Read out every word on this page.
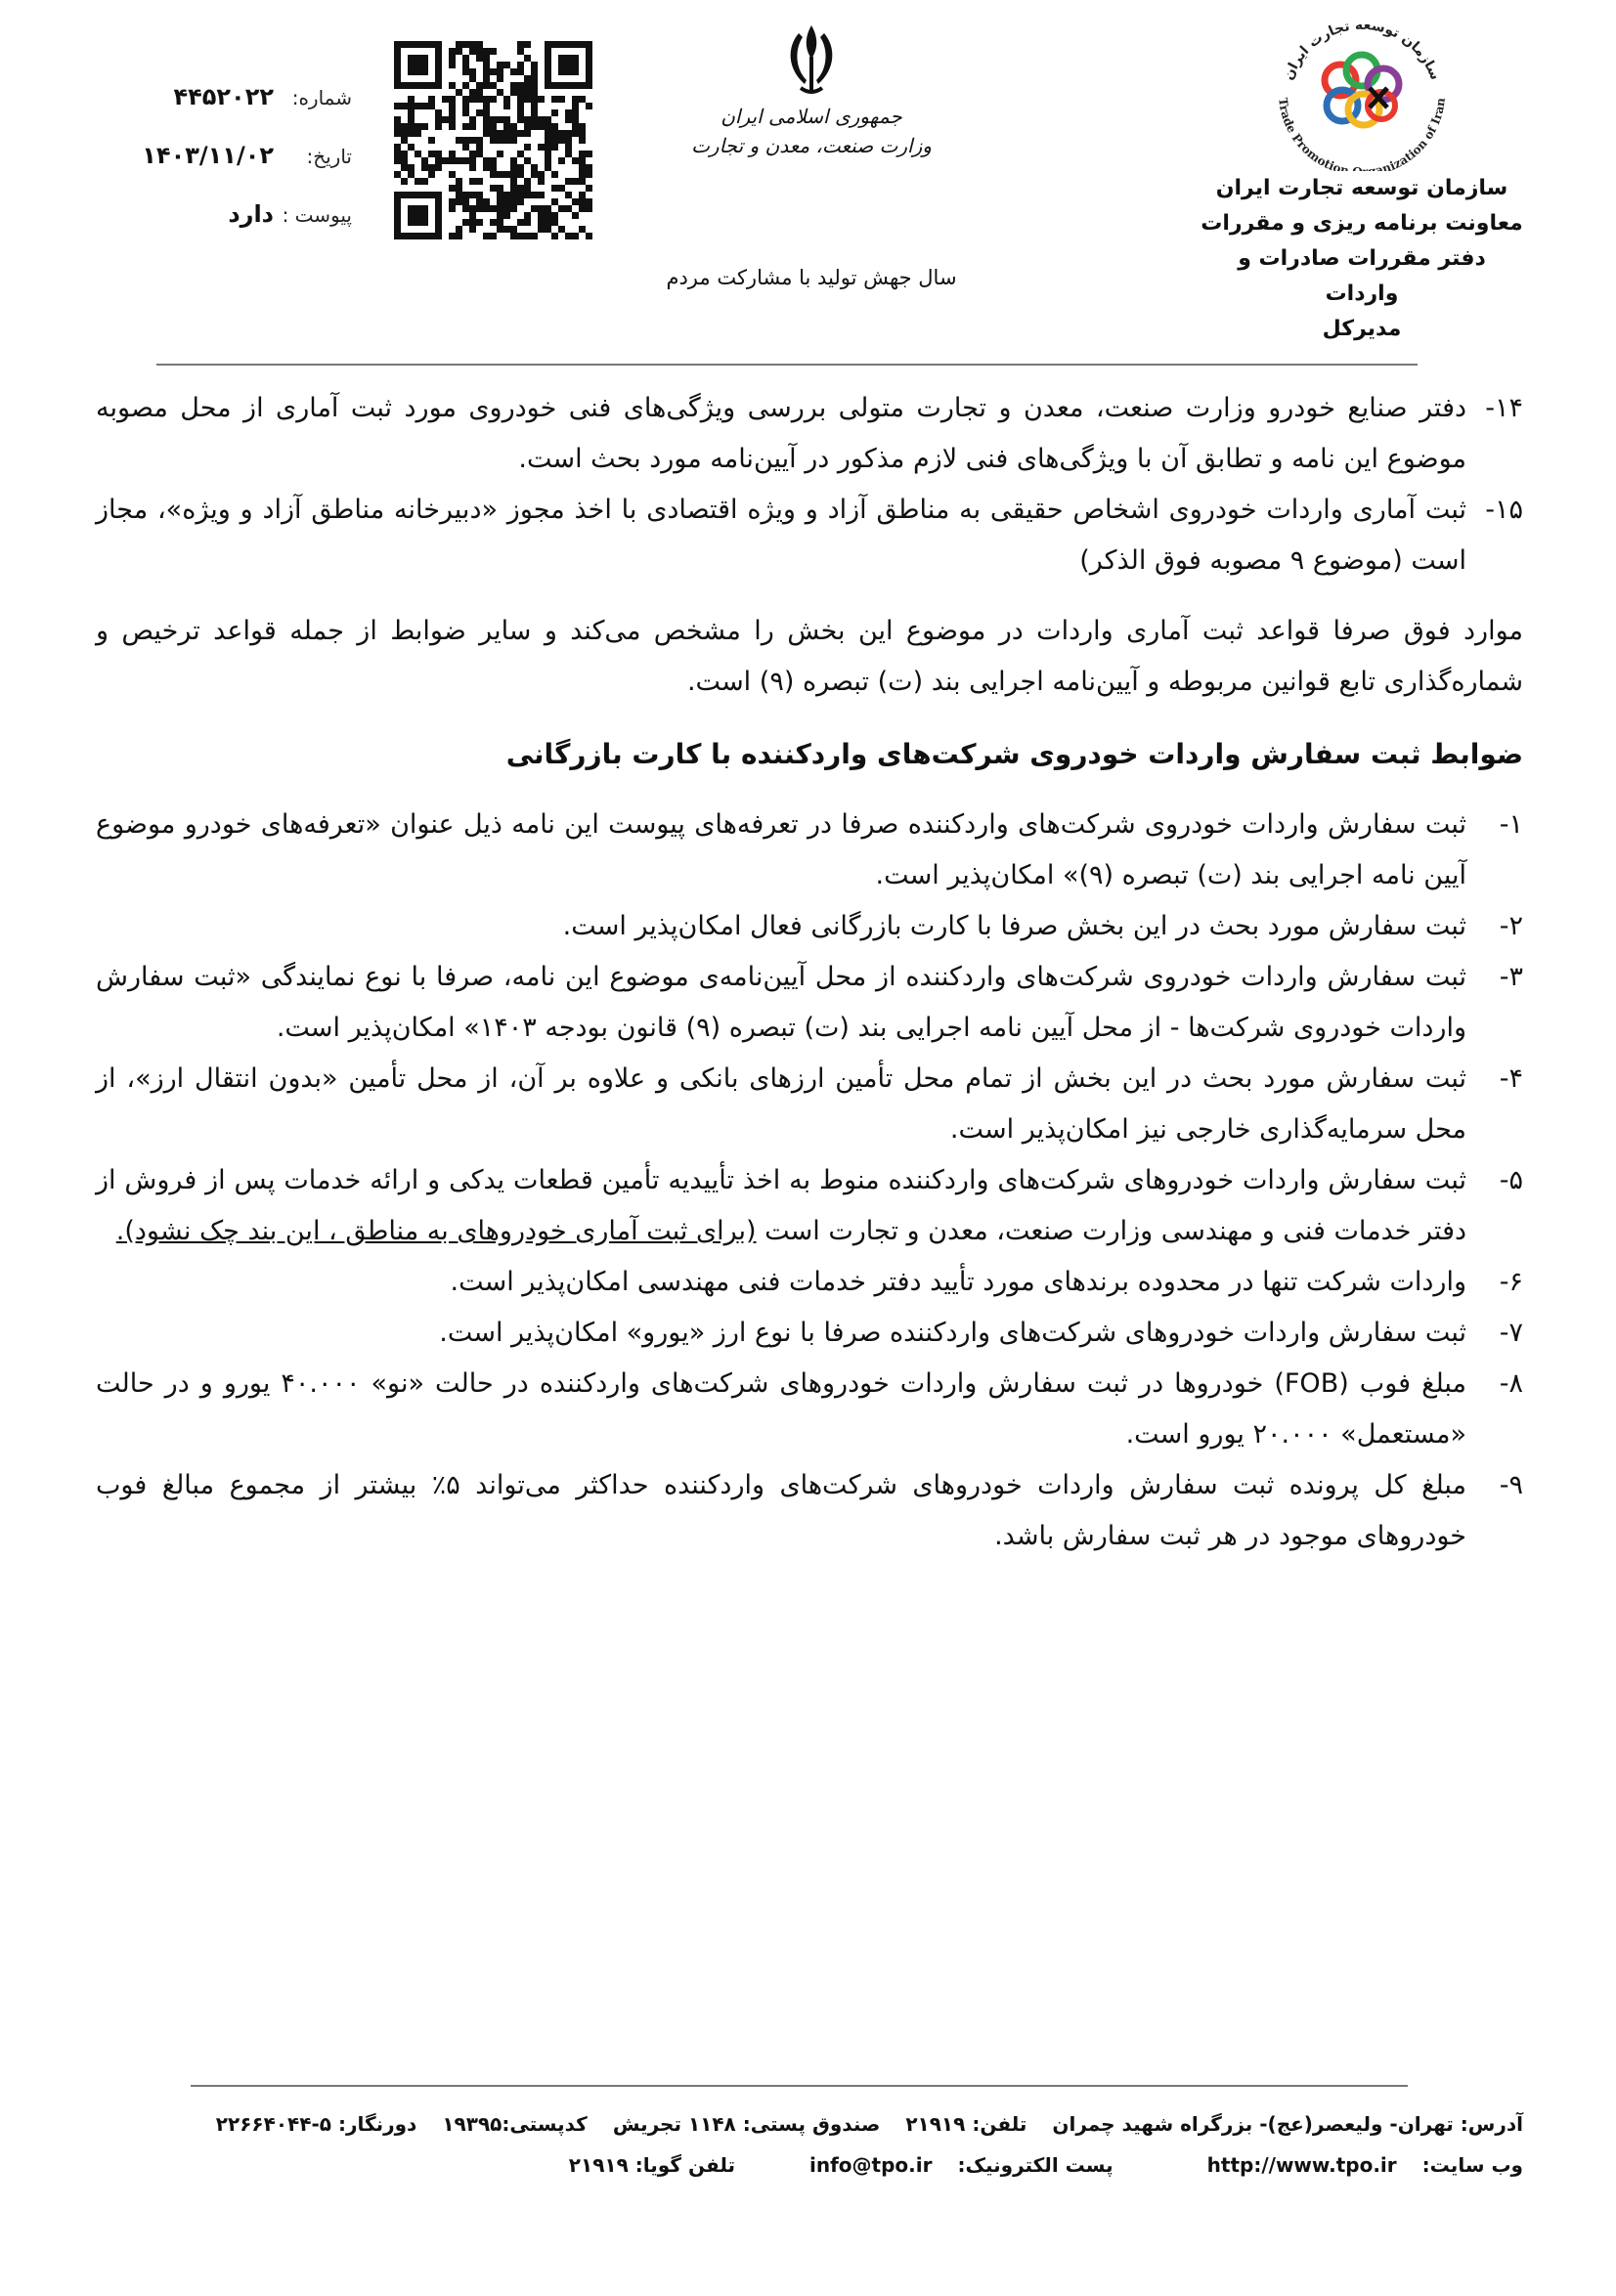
سازمان توسعه تجارت ایران
Trade Promotion anization of Iran
سازمان توسعه تجارت ایران
معاونت برنامه ریزی و مقررات
دفتر مقررات صادرات و واردات
مدیرکل
جمهوری اسلامی ایران
وزارت صنعت، معدن و تجارت
سال جهش تولید با مشارکت مردم
شماره:
۴۴۵۲۰۲۲
تاریخ:
۱۴۰۳/۱۱/۰۲
پیوست :
دارد
۱۴-
دفتر صنایع خودرو وزارت صنعت، معدن و تجارت متولی بررسی ویژگی‌های فنی خودروی مورد ثبت آماری از محل مصوبه موضوع این نامه و تطابق آن با ویژگی‌های فنی لازم مذکور در آیین‌نامه مورد بحث است.
۱۵-
ثبت آماری واردات خودروی اشخاص حقیقی به مناطق آزاد و ویژه اقتصادی با اخذ مجوز «دبیرخانه مناطق آزاد و ویژه»، مجاز است (موضوع ۹ مصوبه فوق الذکر)

موارد فوق صرفا قواعد ثبت آماری واردات در موضوع این بخش را مشخص می‌کند و سایر ضوابط از جمله قواعد ترخیص و شماره‌گذاری تابع قوانین مربوطه و آیین‌نامه اجرایی بند (ت) تبصره (۹) است.

ضوابط ثبت سفارش واردات خودروی شرکت‌های واردکننده با کارت بازرگانی
۱-
ثبت سفارش واردات خودروی شرکت‌های واردکننده صرفا در تعرفه‌های پیوست این نامه ذیل عنوان «تعرفه‌های خودرو موضوع آیین نامه اجرایی بند (ت) تبصره (۹)» امکان‌پذیر است.
۲-
ثبت سفارش مورد بحث در این بخش صرفا با کارت بازرگانی فعال امکان‌پذیر است.
۳-
ثبت سفارش واردات خودروی شرکت‌های واردکننده از محل آیین‌نامه‌ی موضوع این نامه، صرفا با نوع نمایندگی «ثبت سفارش واردات خودروی شرکت‌ها - از محل آیین نامه اجرایی بند (ت) تبصره (۹) قانون بودجه ۱۴۰۳» امکان‌پذیر است.
۴-
ثبت سفارش مورد بحث در این بخش از تمام محل تأمین ارزهای بانکی و علاوه بر آن، از محل تأمین «بدون انتقال ارز»، از محل سرمایه‌گذاری خارجی نیز امکان‌پذیر است.
۵-
ثبت سفارش واردات خودروهای شرکت‌های واردکننده منوط به اخذ تأییدیه تأمین قطعات یدکی و ارائه خدمات پس از فروش از دفتر خدمات فنی و مهندسی وزارت صنعت، معدن و تجارت است (برای ثبت آماری خودروهای به مناطق ، این بند چک نشود).
۶-
واردات شرکت تنها در محدوده برندهای مورد تأیید دفتر خدمات فنی مهندسی امکان‌پذیر است.
۷-
ثبت سفارش واردات خودروهای شرکت‌های واردکننده صرفا با نوع ارز «یورو» امکان‌پذیر است.
۸-
مبلغ فوب (FOB) خودروها در ثبت سفارش واردات خودروهای شرکت‌های واردکننده در حالت «نو» ۴۰.۰۰۰ یورو و در حالت «مستعمل» ۲۰.۰۰۰ یورو است.
۹-
مبلغ کل پرونده ثبت سفارش واردات خودروهای شرکت‌های واردکننده حداکثر می‌تواند ۵٪ بیشتر از مجموع مبالغ فوب خودروهای موجود در هر ثبت سفارش باشد.
آدرس: تهران- ولیعصر(عج)- بزرگراه شهید چمران
تلفن: ۲۱۹۱۹
صندوق پستی: ۱۱۴۸ تجریش
کدپستی:۱۹۳۹۵
دورنگار: ۵-۲۲۶۶۴۰۴۴
وب سایت:
http://www.tpo.ir
پست الکترونیک:
info@tpo.ir
تلفن گویا: ۲۱۹۱۹
